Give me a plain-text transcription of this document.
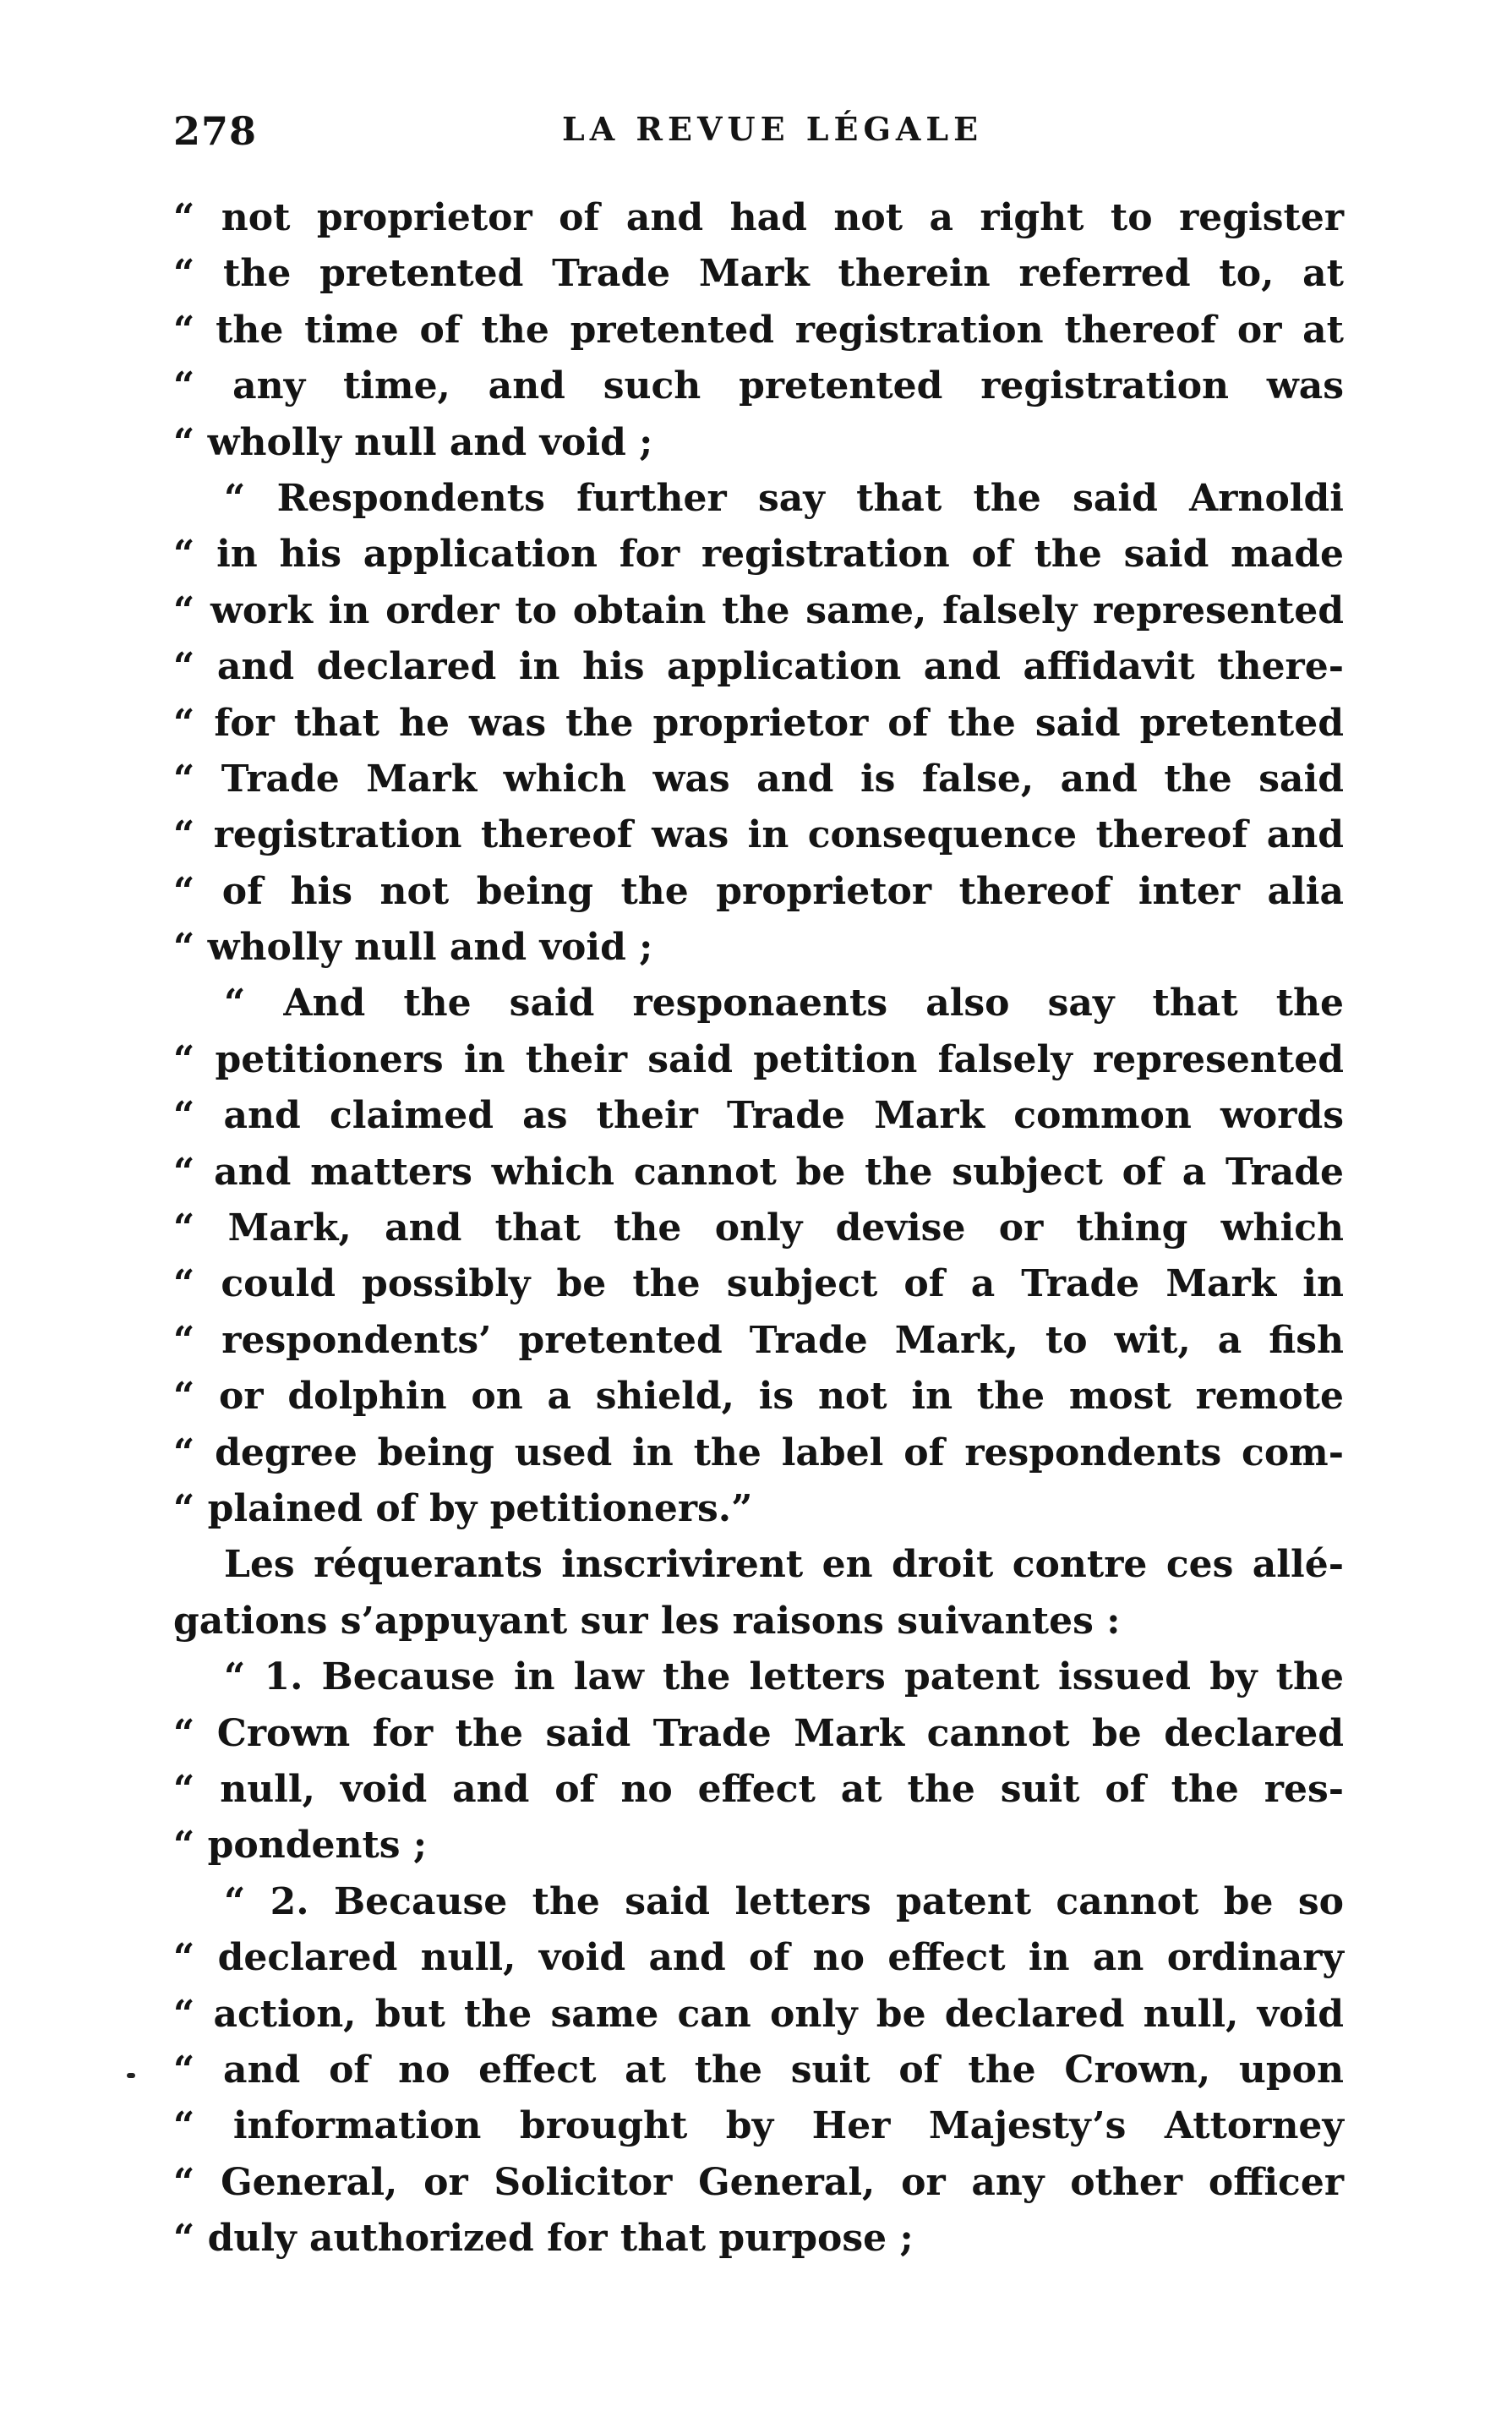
278	LA REVUE LÉGALE
“ not proprietor of and had not a right to register
“ the pretented Trade Mark therein referred to, at
“ the time of the pretented registration thereof or at
“ any time, and such pretented registration was
“ wholly null and void ;
“ Respondents further say that the said Arnoldi
“ in his application for registration of the said made
“ work in order to obtain the same, falsely represented
“ and declared in his application and affidavit there-
“ for that he was the proprietor of the said pretented
“ Trade Mark which was and is false, and the said
“ registration thereof was in consequence thereof and
“ of his not being the proprietor thereof inter alia
“ wholly null and void ;
“ And the said responaents also say that the
“ petitioners in their said petition falsely represented
“ and claimed as their Trade Mark common words
“ and matters which cannot be the subject of a Trade
“ Mark, and that the only devise or thing which
“ could possibly be the subject of a Trade Mark in
“ respondents’ pretented Trade Mark, to wit, a fish
“ or dolphin on a shield, is not in the most remote
“ degree being used in the label of respondents com-
“ plained of by petitioners.”
Les réquerants inscrivirent en droit contre ces allé-
gations s’appuyant sur les raisons suivantes :
“ 1. Because in law the letters patent issued by the
“ Crown for the said Trade Mark cannot be declared
“ null, void and of no effect at the suit of the res-
“ pondents ;
“ 2. Because the said letters patent cannot be so
“ declared null, void and of no effect in an ordinary
“ action, but the same can only be declared null, void
“ and of no effect at the suit of the Crown, upon
“ information brought by Her Majesty’s Attorney
“ General, or Solicitor General, or any other officer
“ duly authorized for that purpose ;
